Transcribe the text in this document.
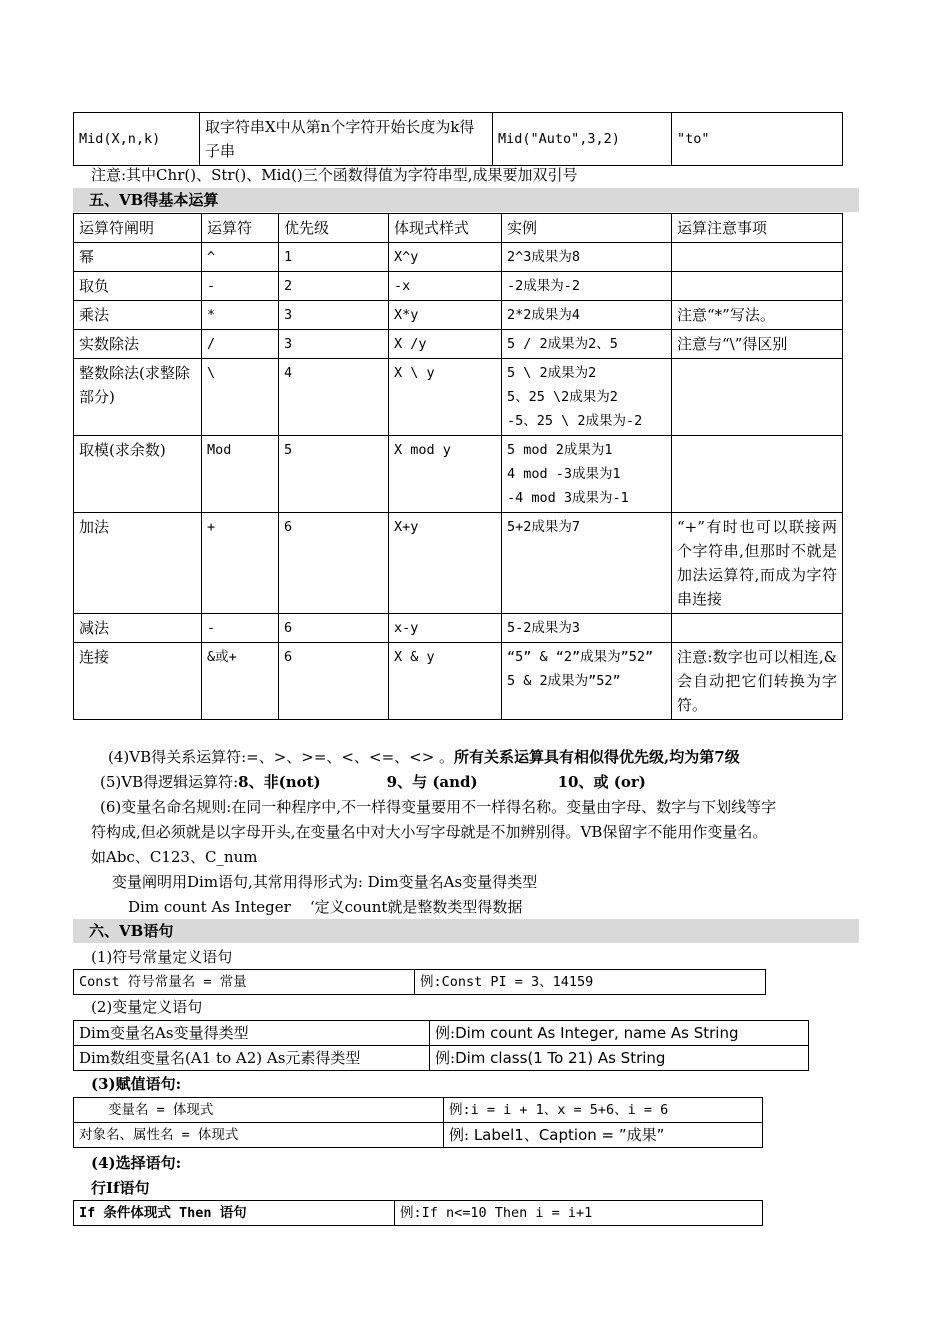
Mid(X,n,k)	取字符串X中从第n个字符开始长度为k得子串	Mid("Auto",3,2)	"to"
注意:其中Chr()、Str()、Mid()三个函数得值为字符串型,成果要加双引号
五、VB得基本运算
运算符阐明	运算符	优先级	体现式样式	实例	运算注意事项
幂	^	1	X^y	2^3成果为8	

取负	-	2	-x	-2成果为-2	

乘法	*	3	X*y	2*2成果为4	注意“*”写法。
实数除法	/	3	X /y	5 / 2成果为2、5	注意与“\”得区别
整数除法(求整除部分)	\	4	X \ y	5 \ 2成果为2
5、25 \2成果为2
-5、25 \ 2成果为-2	

取模(求余数)	Mod	5	X mod y	5 mod 2成果为1
4 mod -3成果为1
-4 mod 3成果为-1	

加法	+	6	X+y	5+2成果为7	“+”有时也可以联接两个字符串,但那时不就是加法运算符,而成为字符串连接
减法	-	6	x-y	5-2成果为3	

连接	&或+	6	X & y	“5” & “2”成果为”52”
5 & 2成果为”52”	注意:数字也可以相连,&会自动把它们转换为字符。
(4)VB得关系运算符:=、>、>=、<、<=、<> 。所有关系运算具有相似得优先级,均为第7级
(5)VB得逻辑运算符:8、非(not)	9、与 (and)	10、或 (or)
(6)变量名命名规则:在同一种程序中,不一样得变量要用不一样得名称。变量由字母、数字与下划线等字
符构成,但必须就是以字母开头,在变量名中对大小写字母就是不加辨别得。VB保留字不能用作变量名。
如Abc、C123、C_num
变量阐明用Dim语句,其常用得形式为: Dim变量名As变量得类型
Dim count As Integer    ‘定义count就是整数类型得数据
六、VB语句
(1)符号常量定义语句
Const 符号常量名 = 常量	例:Const PI = 3、14159
(2)变量定义语句
Dim变量名As变量得类型	例:Dim count As Integer, name As String
Dim数组变量名(A1 to A2) As元素得类型	例:Dim class(1 To 21) As String
(3)赋值语句:
变量名 = 体现式	例:i = i + 1、x = 5+6、i = 6
对象名、属性名 = 体现式	例: Label1、Caption = ”成果”
(4)选择语句:
行If语句
If 条件体现式 Then 语句	例:If n<=10 Then i = i+1
